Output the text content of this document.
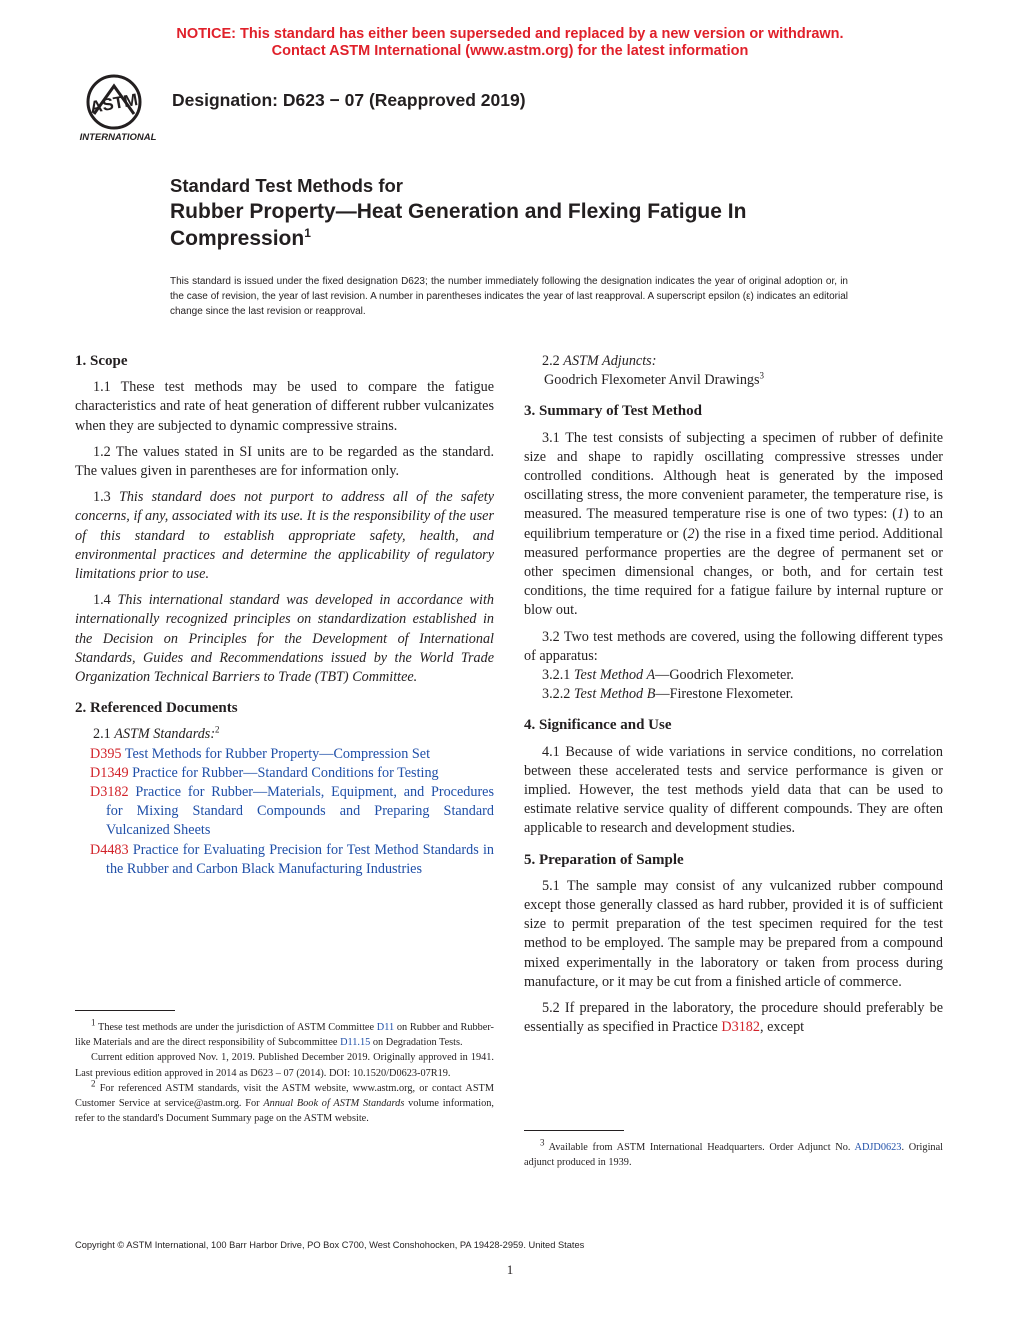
NOTICE: This standard has either been superseded and replaced by a new version or withdrawn.
Contact ASTM International (www.astm.org) for the latest information
ASTM
INTERNATIONAL
Designation: D623 − 07 (Reapproved 2019)
Standard Test Methods for
Rubber Property—Heat Generation and Flexing Fatigue In
Compression$^1$
This standard is issued under the fixed designation D623; the number immediately following the designation indicates the year of original adoption or, in the case of revision, the year of last revision. A number in parentheses indicates the year of last reapproval. A superscript epsilon (ε) indicates an editorial change since the last revision or reapproval.

1. Scope

1.1 These test methods may be used to compare the fatigue characteristics and rate of heat generation of different rubber vulcanizates when they are subjected to dynamic compressive strains.

1.2 The values stated in SI units are to be regarded as the standard. The values given in parentheses are for information only.

1.3 This standard does not purport to address all of the safety concerns, if any, associated with its use. It is the responsibility of the user of this standard to establish appropriate safety, health, and environmental practices and determine the applicability of regulatory limitations prior to use.

1.4 This international standard was developed in accordance with internationally recognized principles on standardization established in the Decision on Principles for the Development of International Standards, Guides and Recommendations issued by the World Trade Organization Technical Barriers to Trade (TBT) Committee.

2. Referenced Documents

2.1 ASTM Standards:$^2$

D395 Test Methods for Rubber Property—Compression Set

D1349 Practice for Rubber—Standard Conditions for Testing

D3182 Practice for Rubber—Materials, Equipment, and Procedures for Mixing Standard Compounds and Preparing Standard Vulcanized Sheets

D4483 Practice for Evaluating Precision for Test Method Standards in the Rubber and Carbon Black Manufacturing Industries

2.2 ASTM Adjuncts:

Goodrich Flexometer Anvil Drawings$^3$

3. Summary of Test Method

3.1 The test consists of subjecting a specimen of rubber of definite size and shape to rapidly oscillating compressive stresses under controlled conditions. Although heat is generated by the imposed oscillating stress, the more convenient parameter, the temperature rise, is measured. The measured temperature rise is one of two types: (1) to an equilibrium temperature or (2) the rise in a fixed time period. Additional measured performance properties are the degree of permanent set or other specimen dimensional changes, or both, and for certain test conditions, the time required for a fatigue failure by internal rupture or blow out.

3.2 Two test methods are covered, using the following different types of apparatus:

3.2.1 Test Method A—Goodrich Flexometer.

3.2.2 Test Method B—Firestone Flexometer.

4. Significance and Use

4.1 Because of wide variations in service conditions, no correlation between these accelerated tests and service performance is given or implied. However, the test methods yield data that can be used to estimate relative service quality of different compounds. They are often applicable to research and development studies.

5. Preparation of Sample

5.1 The sample may consist of any vulcanized rubber compound except those generally classed as hard rubber, provided it is of sufficient size to permit preparation of the test specimen required for the test method to be employed. The sample may be prepared from a compound mixed experimentally in the laboratory or taken from process during manufacture, or it may be cut from a finished article of commerce.

5.2 If prepared in the laboratory, the procedure should preferably be essentially as specified in Practice D3182, except

$^1$ These test methods are under the jurisdiction of ASTM Committee D11 on Rubber and Rubber-like Materials and are the direct responsibility of Subcommittee D11.15 on Degradation Tests.

Current edition approved Nov. 1, 2019. Published December 2019. Originally approved in 1941. Last previous edition approved in 2014 as D623 – 07 (2014). DOI: 10.1520/D0623-07R19.

$^2$ For referenced ASTM standards, visit the ASTM website, www.astm.org, or contact ASTM Customer Service at service@astm.org. For Annual Book of ASTM Standards volume information, refer to the standard's Document Summary page on the ASTM website.

$^3$ Available from ASTM International Headquarters. Order Adjunct No. ADJD0623. Original adjunct produced in 1939.

Copyright © ASTM International, 100 Barr Harbor Drive, PO Box C700, West Conshohocken, PA 19428-2959. United States
1
